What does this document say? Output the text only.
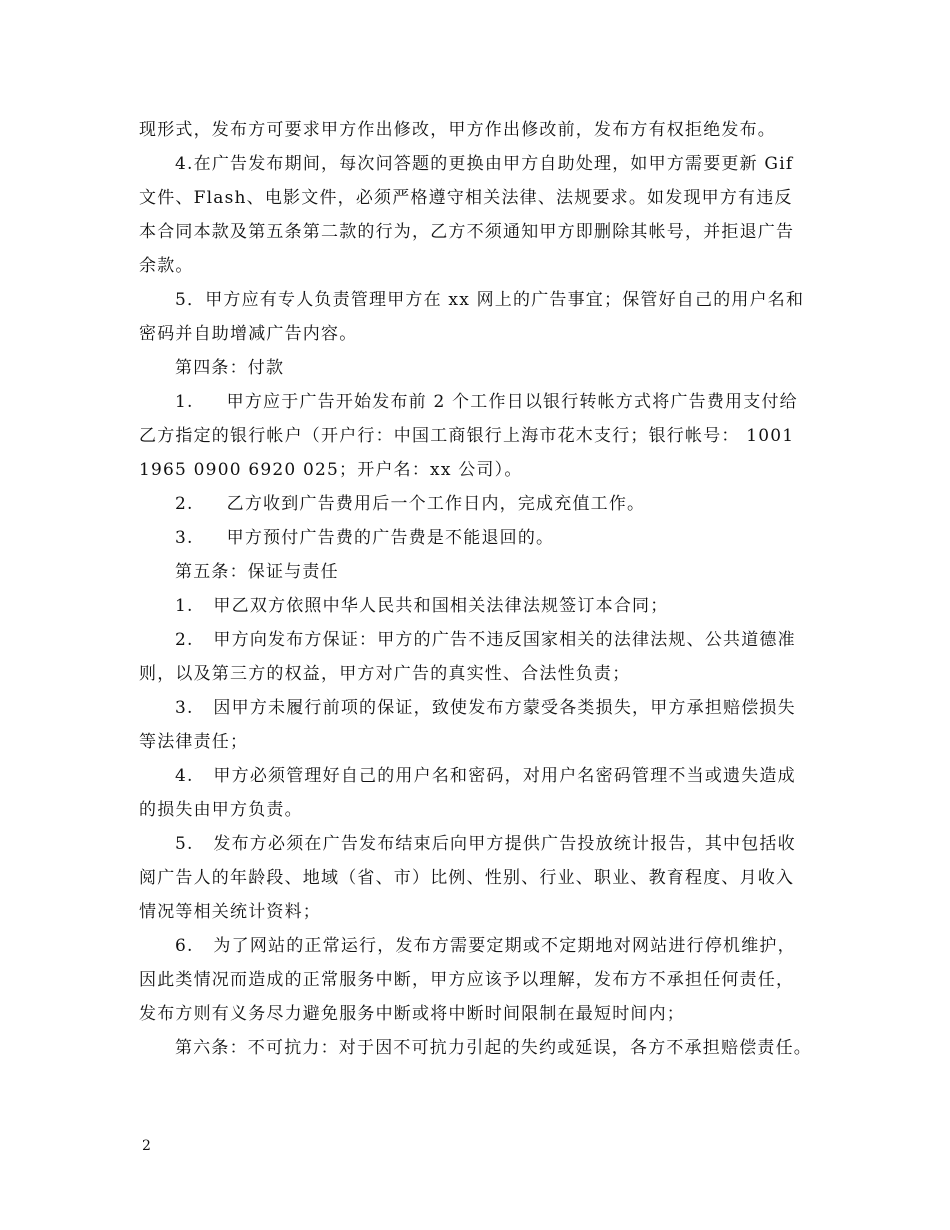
现形式，发布方可要求甲方作出修改，甲方作出修改前，发布方有权拒绝发布。
4.在广告发布期间，每次问答题的更换由甲方自助处理，如甲方需要更新 Gif
文件、Flash、电影文件，必须严格遵守相关法律、法规要求。如发现甲方有违反
本合同本款及第五条第二款的行为，乙方不须通知甲方即删除其帐号，并拒退广告
余款。
5．甲方应有专人负责管理甲方在 xx 网上的广告事宜；保管好自己的用户名和
密码并自助增减广告内容。
第四条：付款
1.     甲方应于广告开始发布前 2 个工作日以银行转帐方式将广告费用支付给
乙方指定的银行帐户（开户行：中国工商银行上海市花木支行；银行帐号： 1001
1965 0900 6920 025；开户名：xx 公司）。
2.     乙方收到广告费用后一个工作日内，完成充值工作。
3.     甲方预付广告费的广告费是不能退回的。
第五条：保证与责任
1.   甲乙双方依照中华人民共和国相关法律法规签订本合同；
2.   甲方向发布方保证：甲方的广告不违反国家相关的法律法规、公共道德准
则，以及第三方的权益，甲方对广告的真实性、合法性负责；
3.   因甲方未履行前项的保证，致使发布方蒙受各类损失，甲方承担赔偿损失
等法律责任；
4.   甲方必须管理好自己的用户名和密码，对用户名密码管理不当或遗失造成
的损失由甲方负责。
5.   发布方必须在广告发布结束后向甲方提供广告投放统计报告，其中包括收
阅广告人的年龄段、地域（省、市）比例、性别、行业、职业、教育程度、月收入
情况等相关统计资料；
6.   为了网站的正常运行，发布方需要定期或不定期地对网站进行停机维护，
因此类情况而造成的正常服务中断，甲方应该予以理解，发布方不承担任何责任，
发布方则有义务尽力避免服务中断或将中断时间限制在最短时间内；
第六条：不可抗力：对于因不可抗力引起的失约或延误，各方不承担赔偿责任。
2
